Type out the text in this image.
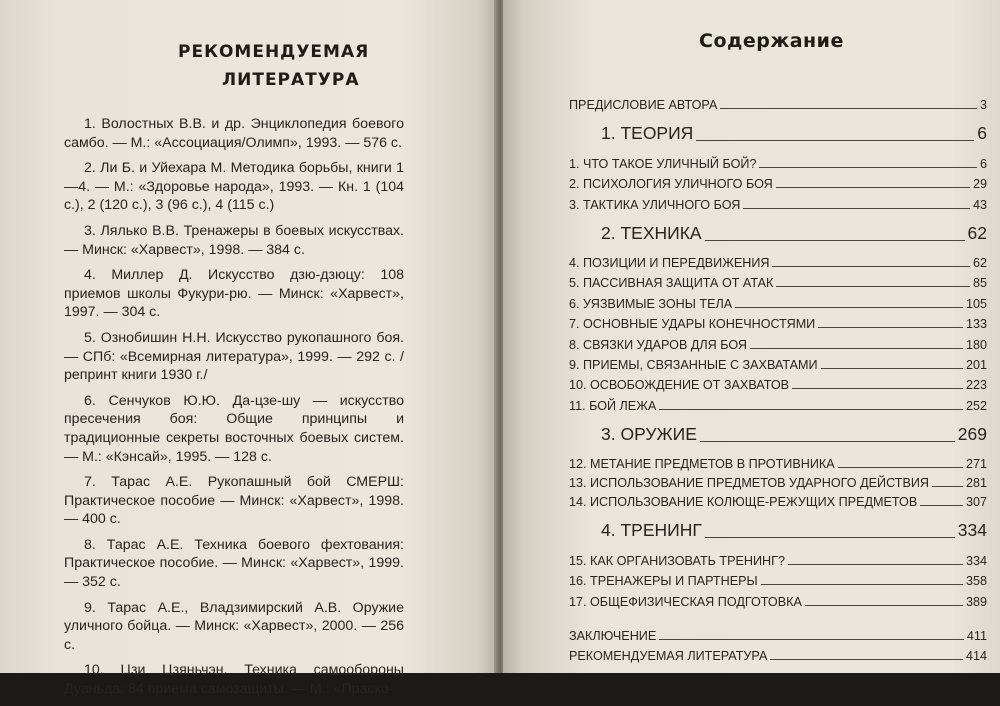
РЕКОМЕНДУЕМАЯ
ЛИТЕРАТУРА
1. Волостных В.В. и др. Энциклопедия боевого самбо. — М.: «Ассоциация/Олимп», 1993. — 576 с.
2. Ли Б. и Уйехара М. Методика борьбы, книги 1—4. — М.: «Здоровье народа», 1993. — Кн. 1 (104 с.), 2 (120 с.), 3 (96 с.), 4 (115 с.)
3. Лялько В.В. Тренажеры в боевых искусствах. — Минск: «Харвест», 1998. — 384 с.
4. Миллер Д. Искусство дзю-дзюцу: 108 приемов школы Фукури-рю. — Минск: «Харвест», 1997. — 304 с.
5. Ознобишин Н.Н. Искусство рукопашного боя. — СПб: «Всемирная литература», 1999. — 292 с. /репринт книги 1930 г./
6. Сенчуков Ю.Ю. Да-цзе-шу — искусство пресечения боя: Общие принципы и традиционные секреты восточных боевых систем. — М.: «Кэнсай», 1995. — 128 с.
7. Тарас А.Е. Рукопашный бой СМЕРШ: Практическое пособие — Минск: «Харвест», 1998. — 400 с.
8. Тарас А.Е. Техника боевого фехтования: Практическое пособие. — Минск: «Харвест», 1999. — 352 с.
9. Тарас А.Е., Владзимирский А.В. Оружие уличного бойца. — Минск: «Харвест», 2000. — 256 с.
10. Цзи Цзяньчэн. Техника самообороны Дуаньда: 84 приема самозащиты. — М.: «Праско-
Содержание
ПРЕДИСЛОВИЕ АВТОРА	3
1. ТЕОРИЯ	6
1. ЧТО ТАКОЕ УЛИЧНЫЙ БОЙ?	6
2. ПСИХОЛОГИЯ УЛИЧНОГО БОЯ	29
3. ТАКТИКА УЛИЧНОГО БОЯ	43
2. ТЕХНИКА	62
4. ПОЗИЦИИ И ПЕРЕДВИЖЕНИЯ	62
5. ПАССИВНАЯ ЗАЩИТА ОТ АТАК	85
6. УЯЗВИМЫЕ ЗОНЫ ТЕЛА	105
7. ОСНОВНЫЕ УДАРЫ КОНЕЧНОСТЯМИ	133
8. СВЯЗКИ УДАРОВ ДЛЯ БОЯ	180
9. ПРИЕМЫ, СВЯЗАННЫЕ С ЗАХВАТАМИ	201
10. ОСВОБОЖДЕНИЕ ОТ ЗАХВАТОВ	223
11. БОЙ ЛЕЖА	252
3. ОРУЖИЕ	269
12. МЕТАНИЕ ПРЕДМЕТОВ В ПРОТИВНИКА	271
13. ИСПОЛЬЗОВАНИЕ ПРЕДМЕТОВ УДАРНОГО ДЕЙСТВИЯ	281
14. ИСПОЛЬЗОВАНИЕ КОЛЮЩЕ-РЕЖУЩИХ ПРЕДМЕТОВ	307
4. ТРЕНИНГ	334
15. КАК ОРГАНИЗОВАТЬ ТРЕНИНГ?	334
16. ТРЕНАЖЕРЫ И ПАРТНЕРЫ	358
17. ОБЩЕФИЗИЧЕСКАЯ ПОДГОТОВКА	389
ЗАКЛЮЧЕНИЕ	411
РЕКОМЕНДУЕМАЯ ЛИТЕРАТУРА	414
